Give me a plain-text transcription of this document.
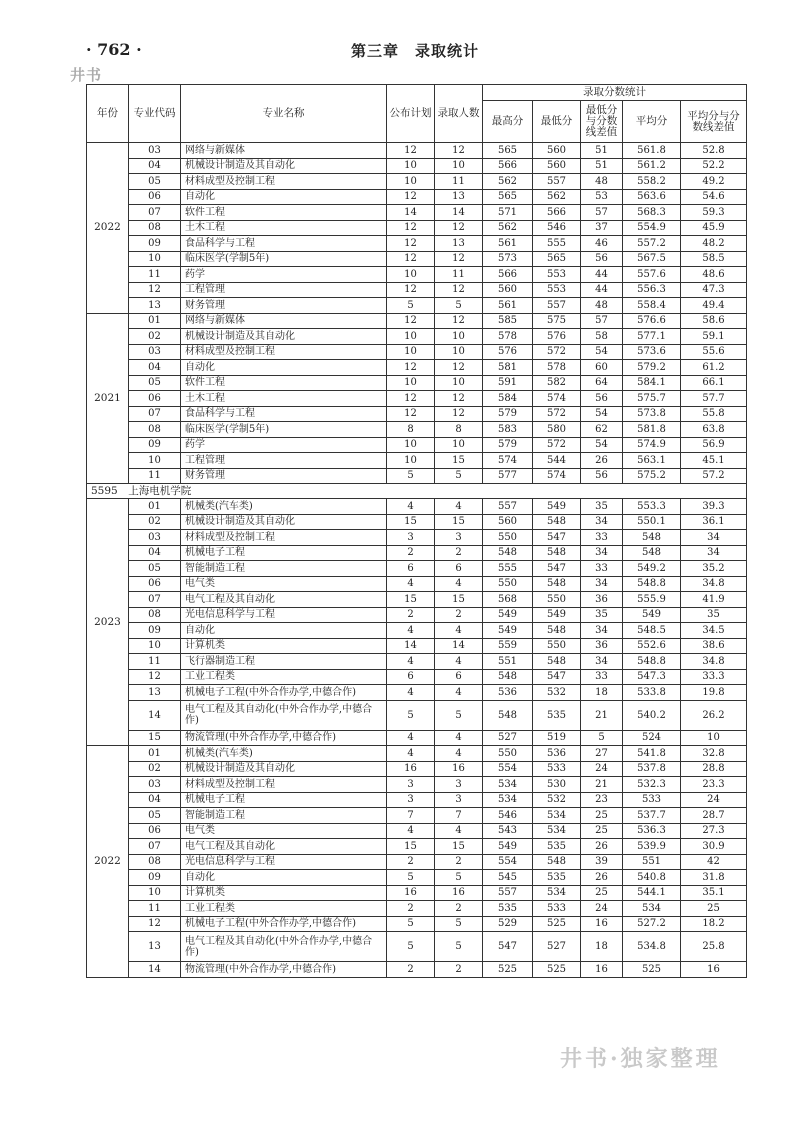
· 762 ·	第三章　录取统计
井书
年份	专业代码	专业名称	公布计划	录取人数	录取分数统计				
					最高分	最低分	最低分与分数线差值	平均分	平均分与分数线差值
2022	03	网络与新媒体	12	12	565	560	51	561.8	52.8
	04	机械设计制造及其自动化	10	10	566	560	51	561.2	52.2
	05	材料成型及控制工程	10	11	562	557	48	558.2	49.2
	06	自动化	12	13	565	562	53	563.6	54.6
	07	软件工程	14	14	571	566	57	568.3	59.3
	08	土木工程	12	12	562	546	37	554.9	45.9
	09	食品科学与工程	12	13	561	555	46	557.2	48.2
	10	临床医学(学制5年)	12	12	573	565	56	567.5	58.5
	11	药学	10	11	566	553	44	557.6	48.6
	12	工程管理	12	12	560	553	44	556.3	47.3
	13	财务管理	5	5	561	557	48	558.4	49.4
2021	01	网络与新媒体	12	12	585	575	57	576.6	58.6
	02	机械设计制造及其自动化	10	10	578	576	58	577.1	59.1
	03	材料成型及控制工程	10	10	576	572	54	573.6	55.6
	04	自动化	12	12	581	578	60	579.2	61.2
	05	软件工程	10	10	591	582	64	584.1	66.1
	06	土木工程	12	12	584	574	56	575.7	57.7
	07	食品科学与工程	12	12	579	572	54	573.8	55.8
	08	临床医学(学制5年)	8	8	583	580	62	581.8	63.8
	09	药学	10	10	579	572	54	574.9	56.9
	10	工程管理	10	15	574	544	26	563.1	45.1
	11	财务管理	5	5	577	574	56	575.2	57.2
5595　上海电机学院									
2023	01	机械类(汽车类)	4	4	557	549	35	553.3	39.3
	02	机械设计制造及其自动化	15	15	560	548	34	550.1	36.1
	03	材料成型及控制工程	3	3	550	547	33	548	34
	04	机械电子工程	2	2	548	548	34	548	34
	05	智能制造工程	6	6	555	547	33	549.2	35.2
	06	电气类	4	4	550	548	34	548.8	34.8
	07	电气工程及其自动化	15	15	568	550	36	555.9	41.9
	08	光电信息科学与工程	2	2	549	549	35	549	35
	09	自动化	4	4	549	548	34	548.5	34.5
	10	计算机类	14	14	559	550	36	552.6	38.6
	11	飞行器制造工程	4	4	551	548	34	548.8	34.8
	12	工业工程类	6	6	548	547	33	547.3	33.3
	13	机械电子工程(中外合作办学,中德合作)	4	4	536	532	18	533.8	19.8
	14	电气工程及其自动化(中外合作办学,中德合作)	5	5	548	535	21	540.2	26.2
	15	物流管理(中外合作办学,中德合作)	4	4	527	519	5	524	10
2022	01	机械类(汽车类)	4	4	550	536	27	541.8	32.8
	02	机械设计制造及其自动化	16	16	554	533	24	537.8	28.8
	03	材料成型及控制工程	3	3	534	530	21	532.3	23.3
	04	机械电子工程	3	3	534	532	23	533	24
	05	智能制造工程	7	7	546	534	25	537.7	28.7
	06	电气类	4	4	543	534	25	536.3	27.3
	07	电气工程及其自动化	15	15	549	535	26	539.9	30.9
	08	光电信息科学与工程	2	2	554	548	39	551	42
	09	自动化	5	5	545	535	26	540.8	31.8
	10	计算机类	16	16	557	534	25	544.1	35.1
	11	工业工程类	2	2	535	533	24	534	25
	12	机械电子工程(中外合作办学,中德合作)	5	5	529	525	16	527.2	18.2
	13	电气工程及其自动化(中外合作办学,中德合作)	5	5	547	527	18	534.8	25.8
	14	物流管理(中外合作办学,中德合作)	2	2	525	525	16	525	16
井书·独家整理
